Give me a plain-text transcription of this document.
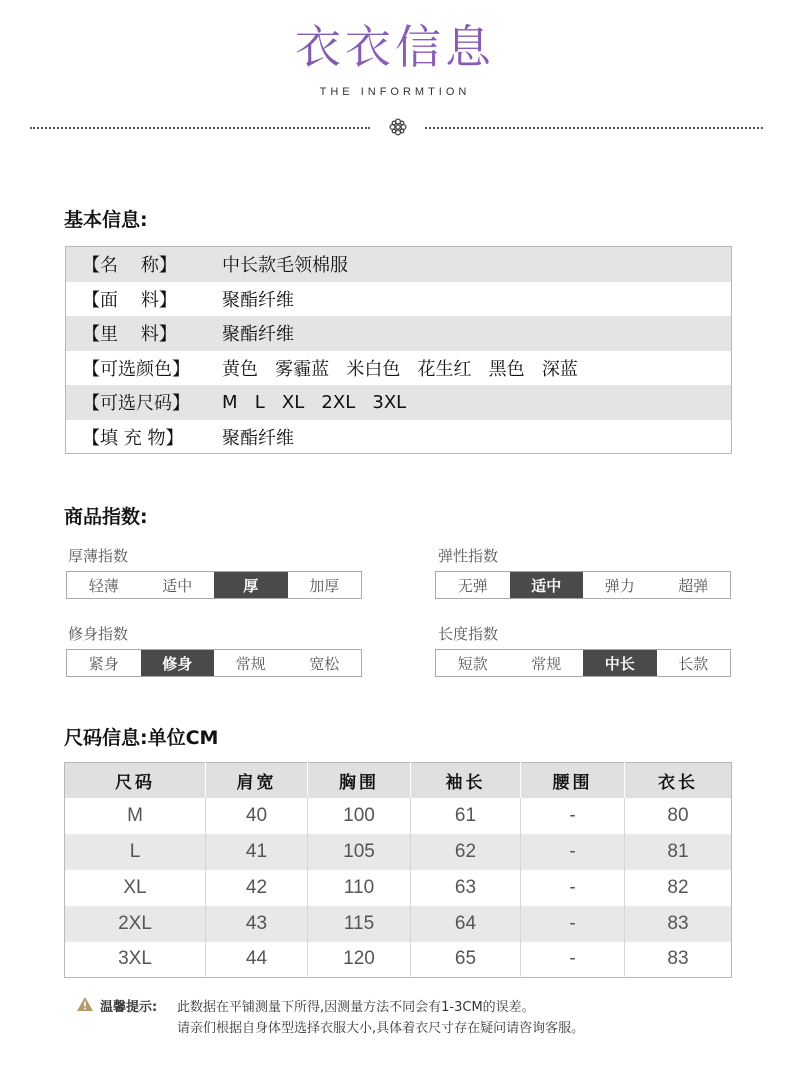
衣衣信息
THE INFORMTION
基本信息:
【名    称】	中长款毛领棉服
【面    料】	聚酯纤维
【里    料】	聚酯纤维
【可选颜色】	黄色   雾霾蓝   米白色   花生红   黑色   深蓝
【可选尺码】	M   L   XL   2XL   3XL
【填 充 物】	聚酯纤维
商品指数:
厚薄指数
轻薄	适中	厚	加厚
弹性指数
无弹	适中	弹力	超弹
修身指数
紧身	修身	常规	宽松
长度指数
短款	常规	中长	长款
尺码信息:单位CM
尺码	肩宽	胸围	袖长	腰围	衣长
M	40	100	61	-	80
L	41	105	62	-	81
XL	42	110	63	-	82
2XL	43	115	64	-	83
3XL	44	120	65	-	83
温馨提示: 此数据在平铺测量下所得,因测量方法不同会有1-3CM的误差。
请亲们根据自身体型选择衣服大小,具体着衣尺寸存在疑问请咨询客服。
